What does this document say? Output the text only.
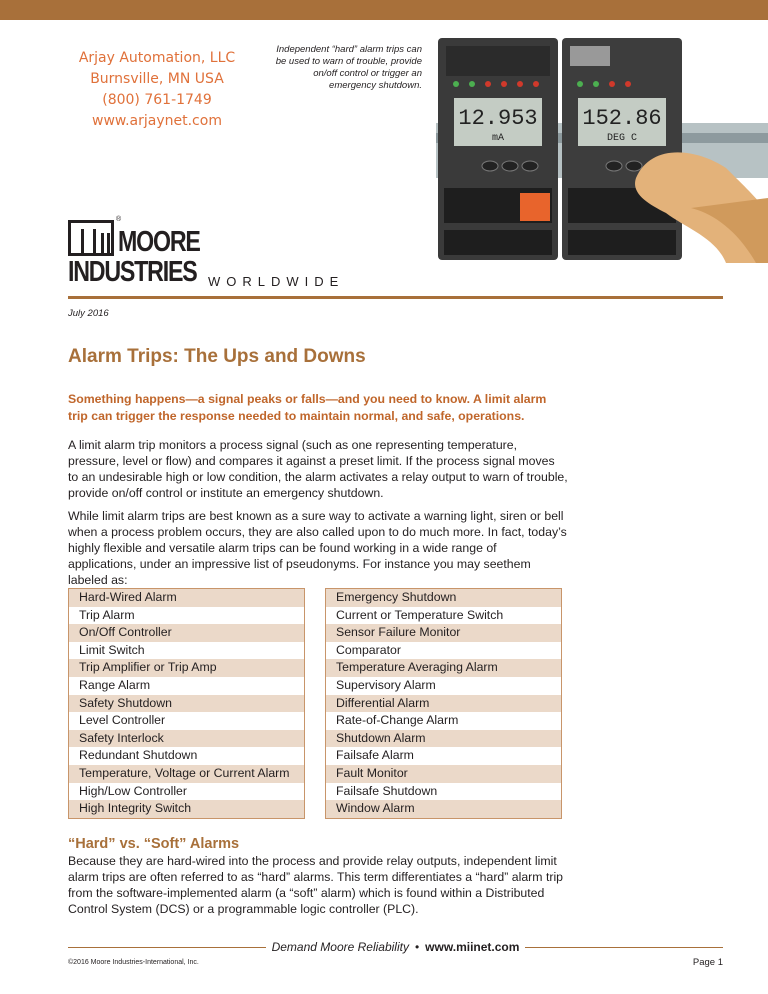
Arjay Automation, LLC
Burnsville, MN USA
(800) 761-1749
www.arjaynet.com
Independent “hard” alarm trips can be used to warn of trouble, provide on/off control or trigger an emergency shutdown.
12.953
mA
152.86
DEG C
®
MOORE
INDUSTRIES WORLDWIDE
July 2016
Alarm Trips: The Ups and Downs
Something happens—a signal peaks or falls—and you need to know. A limit alarm trip can trigger the response needed to maintain normal, and safe, operations.
A limit alarm trip monitors a process signal (such as one representing temperature, pressure, level or flow) and compares it against a preset limit. If the process signal moves to an undesirable high or low condition, the alarm activates a relay output to warn of trouble, provide on/off control or institute an emergency shutdown.
While limit alarm trips are best known as a sure way to activate a warning light, siren or bell when a process problem occurs, they are also called upon to do much more. In fact, today’s highly flexible and versatile alarm trips can be found working in a wide range of applications, under an impressive list of pseudonyms. For instance you may seethem labeled as:
Hard-Wired Alarm
Trip Alarm
On/Off Controller
Limit Switch
Trip Amplifier or Trip Amp
Range Alarm
Safety Shutdown
Level Controller
Safety Interlock
Redundant Shutdown
Temperature, Voltage or Current Alarm
High/Low Controller
High Integrity Switch
Emergency Shutdown
Current or Temperature Switch
Sensor Failure Monitor
Comparator
Temperature Averaging Alarm
Supervisory Alarm
Differential Alarm
Rate-of-Change Alarm
Shutdown Alarm
Failsafe Alarm
Fault Monitor
Failsafe Shutdown
Window Alarm
“Hard” vs. “Soft” Alarms
Because they are hard-wired into the process and provide relay outputs, independent limit alarm trips are often referred to as “hard” alarms. This term differentiates a “hard” alarm trip from the software-implemented alarm (a “soft” alarm) which is found within a Distributed Control System (DCS) or a programmable logic controller (PLC).
Demand Moore Reliability • www.miinet.com
©2016 Moore Industries-International, Inc.	Page 1
